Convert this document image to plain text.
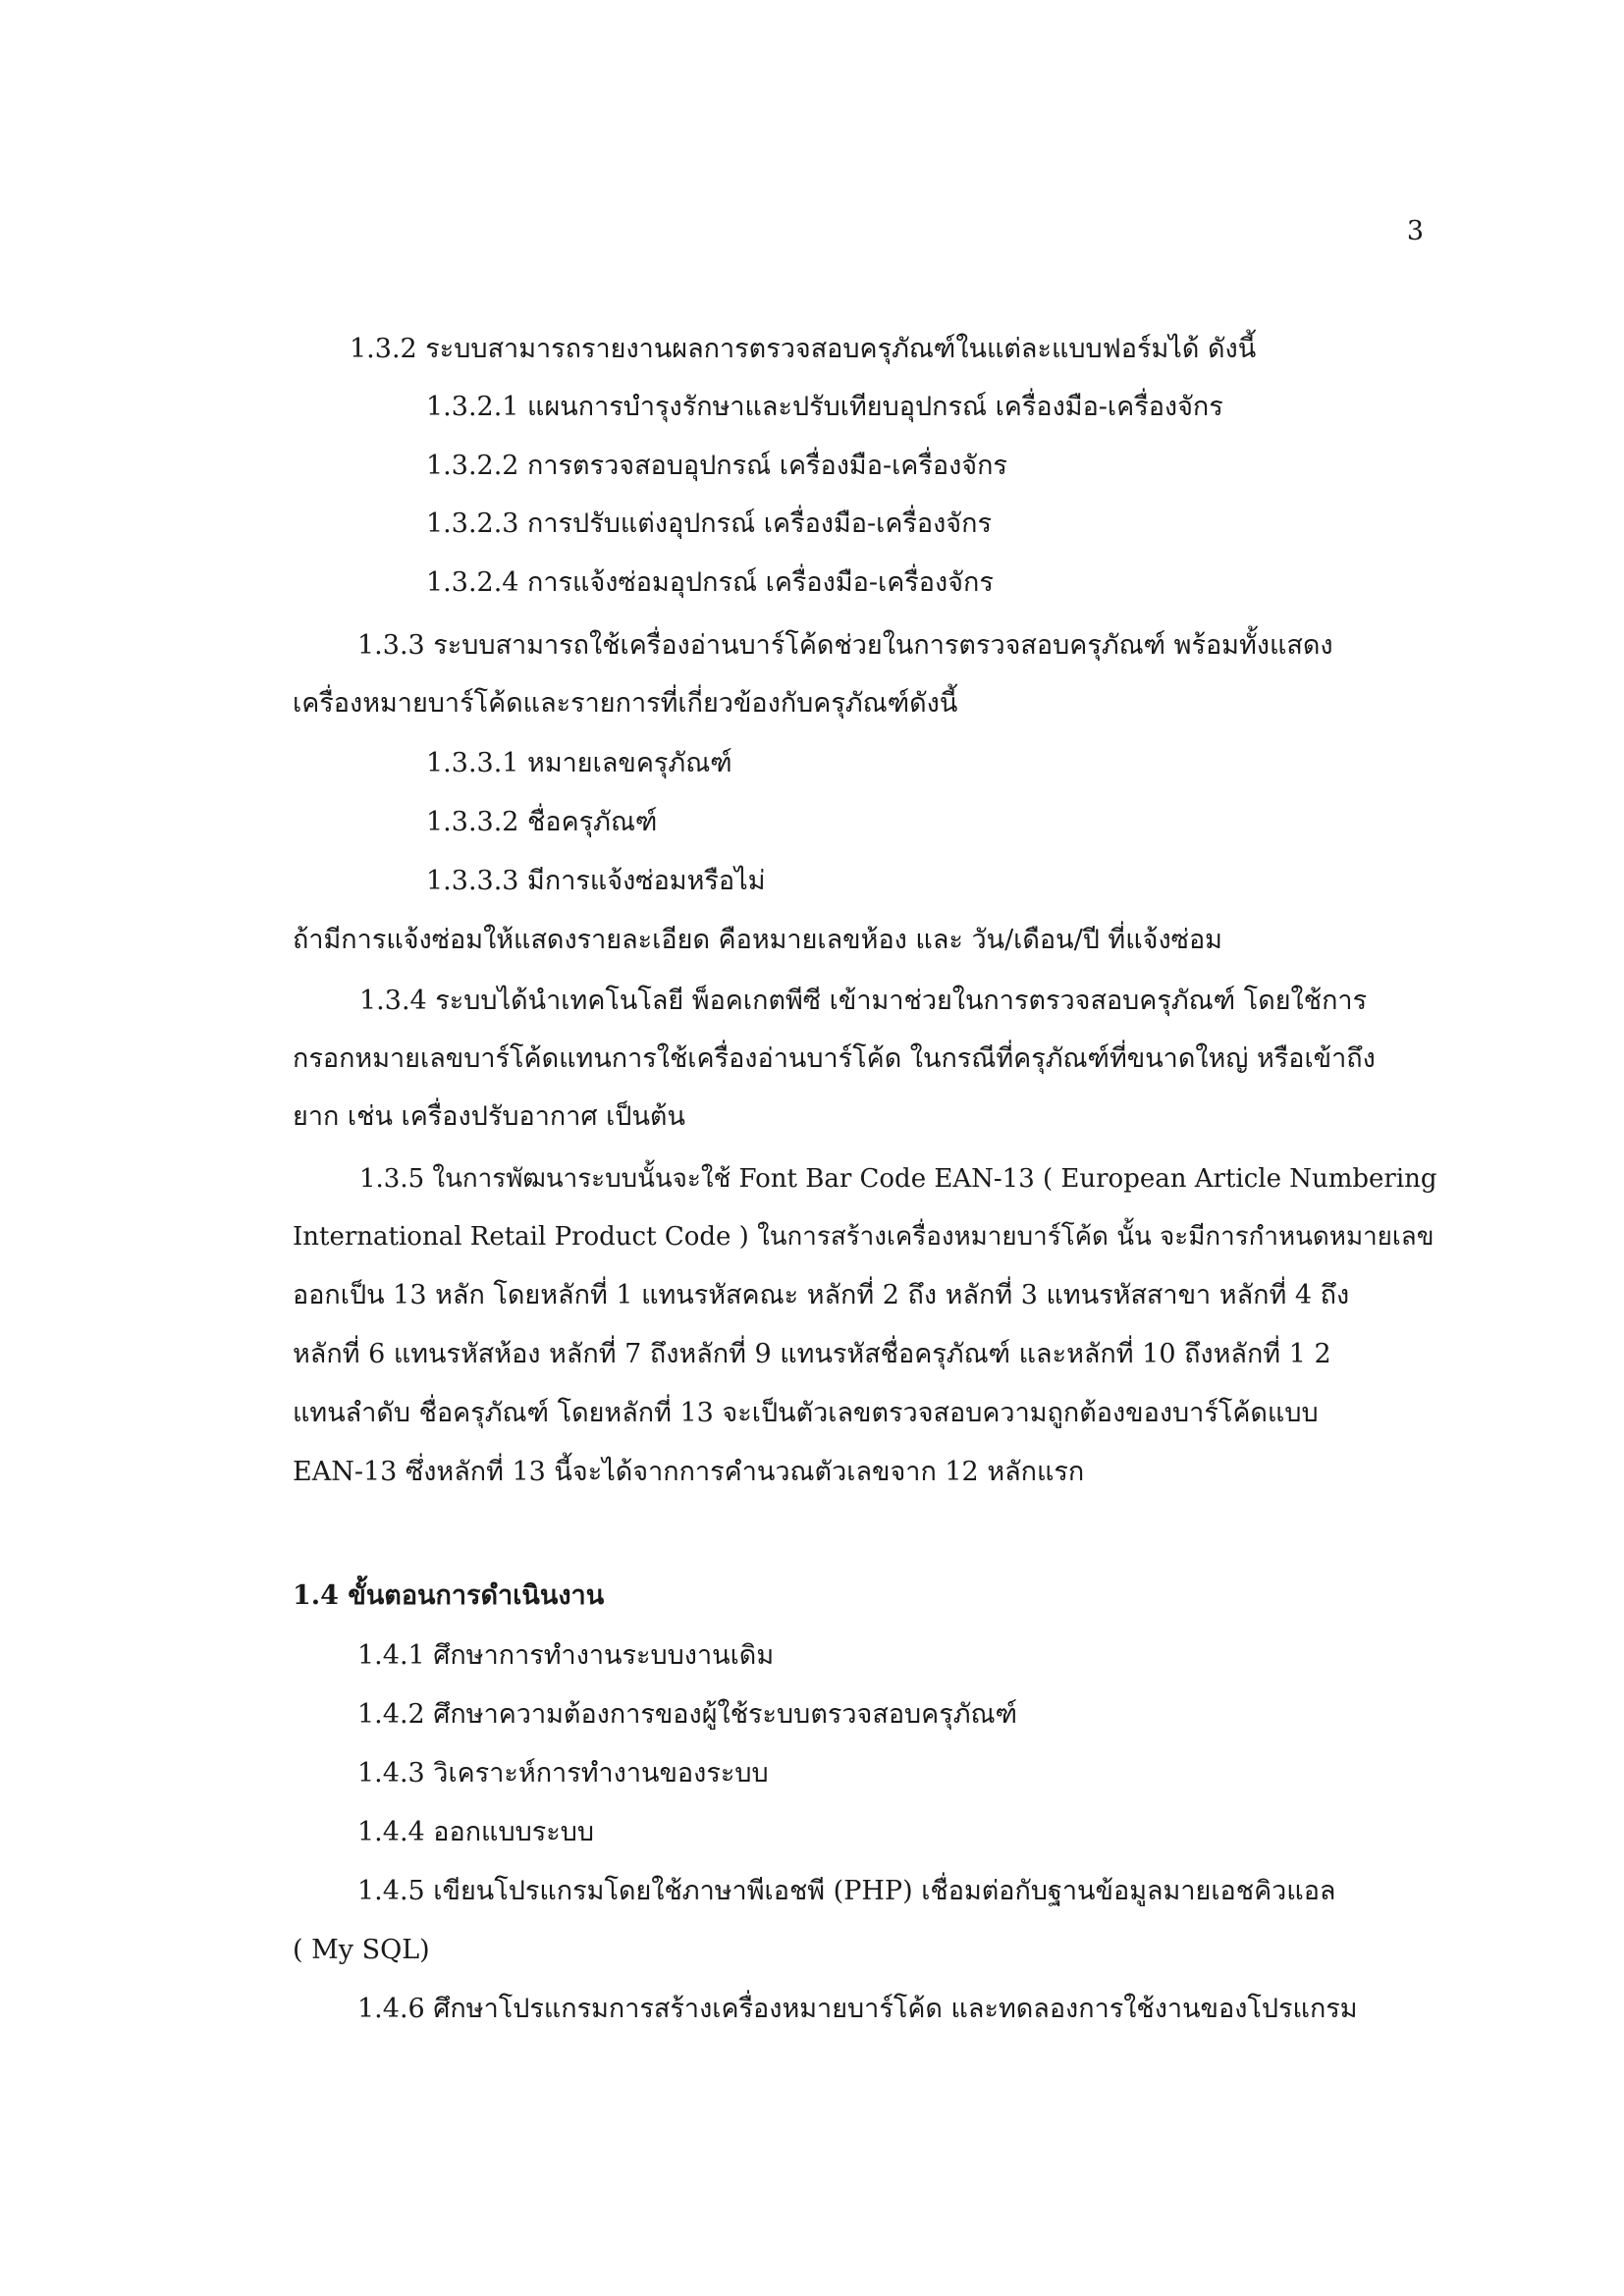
3
1.3.2 ระบบสามารถรายงานผลการตรวจสอบครุภัณฑ์ในแต่ละแบบฟอร์มได้ ดังนี้
1.3.2.1 แผนการบำรุงรักษาและปรับเทียบอุปกรณ์ เครื่องมือ-เครื่องจักร
1.3.2.2 การตรวจสอบอุปกรณ์ เครื่องมือ-เครื่องจักร
1.3.2.3 การปรับแต่งอุปกรณ์ เครื่องมือ-เครื่องจักร
1.3.2.4 การแจ้งซ่อมอุปกรณ์ เครื่องมือ-เครื่องจักร
1.3.3 ระบบสามารถใช้เครื่องอ่านบาร์โค้ดช่วยในการตรวจสอบครุภัณฑ์ พร้อมทั้งแสดง
เครื่องหมายบาร์โค้ดและรายการที่เกี่ยวข้องกับครุภัณฑ์ดังนี้
1.3.3.1 หมายเลขครุภัณฑ์
1.3.3.2 ชื่อครุภัณฑ์
1.3.3.3 มีการแจ้งซ่อมหรือไม่
ถ้ามีการแจ้งซ่อมให้แสดงรายละเอียด คือหมายเลขห้อง และ วัน/เดือน/ปี ที่แจ้งซ่อม
1.3.4 ระบบได้นำเทคโนโลยี พ็อคเกตพีซี เข้ามาช่วยในการตรวจสอบครุภัณฑ์ โดยใช้การ
กรอกหมายเลขบาร์โค้ดแทนการใช้เครื่องอ่านบาร์โค้ด ในกรณีที่ครุภัณฑ์ที่ขนาดใหญ่ หรือเข้าถึง
ยาก เช่น เครื่องปรับอากาศ เป็นต้น
1.3.5 ในการพัฒนาระบบนั้นจะใช้ Font Bar Code EAN-13 ( European Article Numbering
International Retail Product Code ) ในการสร้างเครื่องหมายบาร์โค้ด นั้น จะมีการกำหนดหมายเลข
ออกเป็น 13 หลัก โดยหลักที่ 1 แทนรหัสคณะ หลักที่ 2 ถึง หลักที่ 3 แทนรหัสสาขา หลักที่ 4 ถึง
หลักที่ 6 แทนรหัสห้อง หลักที่ 7 ถึงหลักที่ 9 แทนรหัสชื่อครุภัณฑ์ และหลักที่ 10 ถึงหลักที่ 1 2
แทนลำดับ ชื่อครุภัณฑ์ โดยหลักที่ 13 จะเป็นตัวเลขตรวจสอบความถูกต้องของบาร์โค้ดแบบ
EAN-13 ซึ่งหลักที่ 13 นี้จะได้จากการคำนวณตัวเลขจาก 12 หลักแรก
1.4 ขั้นตอนการดำเนินงาน
1.4.1 ศึกษาการทำงานระบบงานเดิม
1.4.2 ศึกษาความต้องการของผู้ใช้ระบบตรวจสอบครุภัณฑ์
1.4.3 วิเคราะห์การทำงานของระบบ
1.4.4 ออกแบบระบบ
1.4.5 เขียนโปรแกรมโดยใช้ภาษาพีเอชพี (PHP) เชื่อมต่อกับฐานข้อมูลมายเอชคิวแอล
( My SQL)
1.4.6 ศึกษาโปรแกรมการสร้างเครื่องหมายบาร์โค้ด และทดลองการใช้งานของโปรแกรม
